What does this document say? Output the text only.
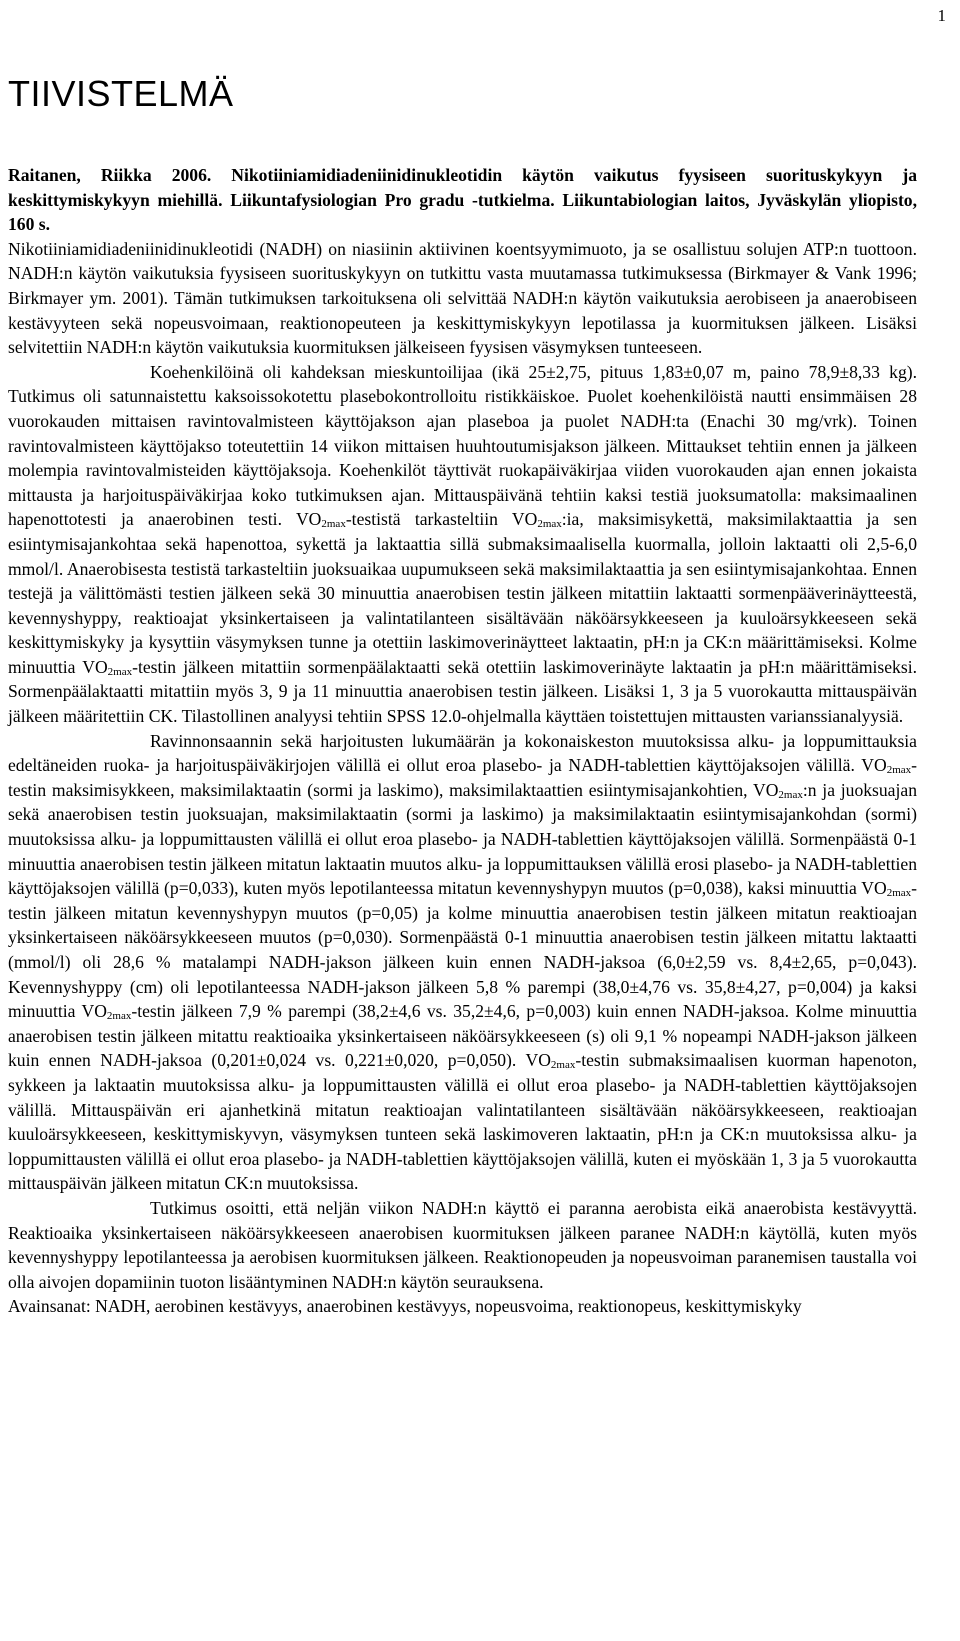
1
TIIVISTELMÄ

Raitanen, Riikka 2006. Nikotiiniamidiadeniinidinukleotidin käytön vaikutus fyysiseen suorituskykyyn ja keskittymiskykyyn miehillä. Liikuntafysiologian Pro gradu -tutkielma. Liikuntabiologian laitos, Jyväskylän yliopisto, 160 s.

Nikotiiniamidiadeniinidinukleotidi (NADH) on niasiinin aktiivinen koentsyymimuoto, ja se osallistuu solujen ATP:n tuottoon. NADH:n käytön vaikutuksia fyysiseen suorituskykyyn on tutkittu vasta muutamassa tutkimuksessa (Birkmayer & Vank 1996; Birkmayer ym. 2001). Tämän tutkimuksen tarkoituksena oli selvittää NADH:n käytön vaikutuksia aerobiseen ja anaerobiseen kestävyyteen sekä nopeusvoimaan, reaktionopeuteen ja keskittymiskykyyn lepotilassa ja kuormituksen jälkeen. Lisäksi selvitettiin NADH:n käytön vaikutuksia kuormituksen jälkeiseen fyysisen väsymyksen tunteeseen.

Koehenkilöinä oli kahdeksan mieskuntoilijaa (ikä 25±2,75, pituus 1,83±0,07 m, paino 78,9±8,33 kg). Tutkimus oli satunnaistettu kaksoissokotettu plasebokontrolloitu ristikkäiskoe. Puolet koehenkilöistä nautti ensimmäisen 28 vuorokauden mittaisen ravintovalmisteen käyttöjakson ajan plaseboa ja puolet NADH:ta (Enachi 30 mg/vrk). Toinen ravintovalmisteen käyttöjakso toteutettiin 14 viikon mittaisen huuhtoutumisjakson jälkeen. Mittaukset tehtiin ennen ja jälkeen molempia ravintovalmisteiden käyttöjaksoja. Koehenkilöt täyttivät ruokapäiväkirjaa viiden vuorokauden ajan ennen jokaista mittausta ja harjoituspäiväkirjaa koko tutkimuksen ajan. Mittauspäivänä tehtiin kaksi testiä juoksumatolla: maksimaalinen hapenottotesti ja anaerobinen testi. $VO_{2max}$-testistä tarkasteltiin $VO_{2max}:ia$, maksimisykettä, maksimilaktaattia ja sen esiintymisajankohtaa sekä hapenottoa, sykettä ja laktaattia sillä submaksimaalisella kuormalla, jolloin laktaatti oli 2,5-6,0 mmol/l. Anaerobisesta testistä tarkasteltiin juoksuaikaa uupumukseen sekä maksimilaktaattia ja sen esiintymisajankohtaa. Ennen testejä ja välittömästi testien jälkeen sekä 30 minuuttia anaerobisen testin jälkeen mitattiin laktaatti sormenpääverinäytteestä, kevennyshyppy, reaktioajat yksinkertaiseen ja valintatilanteen sisältävään näköärsykkeeseen ja kuuloärsykkeeseen sekä keskittymiskyky ja kysyttiin väsymyksen tunne ja otettiin laskimoverinäytteet laktaatin, pH:n ja CK:n määrittämiseksi. Kolme minuuttia $VO_{2max}$-testin jälkeen mitattiin sormenpäälaktaatti sekä otettiin laskimoverinäyte laktaatin ja pH:n määrittämiseksi. Sormenpäälaktaatti mitattiin myös 3, 9 ja 11 minuuttia anaerobisen testin jälkeen. Lisäksi 1, 3 ja 5 vuorokautta mittauspäivän jälkeen määritettiin CK. Tilastollinen analyysi tehtiin SPSS 12.0-ohjelmalla käyttäen toistettujen mittausten varianssianalyysiä.

Ravinnonsaannin sekä harjoitusten lukumäärän ja kokonaiskeston muutoksissa alku- ja loppumittauksia edeltäneiden ruoka- ja harjoituspäiväkirjojen välillä ei ollut eroa plasebo- ja NADH-tablettien käyttöjaksojen välillä. $VO_{2max}$-testin maksimisykkeen, maksimilaktaatin (sormi ja laskimo), maksimilaktaattien esiintymisajankohtien, $VO_{2max}:n$ ja juoksuajan sekä anaerobisen testin juoksuajan, maksimilaktaatin (sormi ja laskimo) ja maksimilaktaatin esiintymisajankohdan (sormi) muutoksissa alku- ja loppumittausten välillä ei ollut eroa plasebo- ja NADH-tablettien käyttöjaksojen välillä. Sormenpäästä 0-1 minuuttia anaerobisen testin jälkeen mitatun laktaatin muutos alku- ja loppumittauksen välillä erosi plasebo- ja NADH-tablettien käyttöjaksojen välillä (p=0,033), kuten myös lepotilanteessa mitatun kevennyshypyn muutos (p=0,038), kaksi minuuttia $VO_{2max}$-testin jälkeen mitatun kevennyshypyn muutos (p=0,05) ja kolme minuuttia anaerobisen testin jälkeen mitatun reaktioajan yksinkertaiseen näköärsykkeeseen muutos (p=0,030). Sormenpäästä 0-1 minuuttia anaerobisen testin jälkeen mitattu laktaatti (mmol/l) oli 28,6 % matalampi NADH-jakson jälkeen kuin ennen NADH-jaksoa (6,0±2,59 vs. 8,4±2,65, p=0,043). Kevennyshyppy (cm) oli lepotilanteessa NADH-jakson jälkeen 5,8 % parempi (38,0±4,76 vs. 35,8±4,27, p=0,004) ja kaksi minuuttia $VO_{2max}$-testin jälkeen 7,9 % parempi (38,2±4,6 vs. 35,2±4,6, p=0,003) kuin ennen NADH-jaksoa. Kolme minuuttia anaerobisen testin jälkeen mitattu reaktioaika yksinkertaiseen näköärsykkeeseen (s) oli 9,1 % nopeampi NADH-jakson jälkeen kuin ennen NADH-jaksoa (0,201±0,024 vs. 0,221±0,020, p=0,050). $VO_{2max}$-testin submaksimaalisen kuorman hapenoton, sykkeen ja laktaatin muutoksissa alku- ja loppumittausten välillä ei ollut eroa plasebo- ja NADH-tablettien käyttöjaksojen välillä. Mittauspäivän eri ajanhetkinä mitatun reaktioajan valintatilanteen sisältävään näköärsykkeeseen, reaktioajan kuuloärsykkeeseen, keskittymiskyvyn, väsymyksen tunteen sekä laskimoveren laktaatin, pH:n ja CK:n muutoksissa alku- ja loppumittausten välillä ei ollut eroa plasebo- ja NADH-tablettien käyttöjaksojen välillä, kuten ei myöskään 1, 3 ja 5 vuorokautta mittauspäivän jälkeen mitatun CK:n muutoksissa.

Tutkimus osoitti, että neljän viikon NADH:n käyttö ei paranna aerobista eikä anaerobista kestävyyttä. Reaktioaika yksinkertaiseen näköärsykkeeseen anaerobisen kuormituksen jälkeen paranee NADH:n käytöllä, kuten myös kevennyshyppy lepotilanteessa ja aerobisen kuormituksen jälkeen. Reaktionopeuden ja nopeusvoiman paranemisen taustalla voi olla aivojen dopamiinin tuoton lisääntyminen NADH:n käytön seurauksena.

Avainsanat: NADH, aerobinen kestävyys, anaerobinen kestävyys, nopeusvoima, reaktionopeus, keskittymiskyky
